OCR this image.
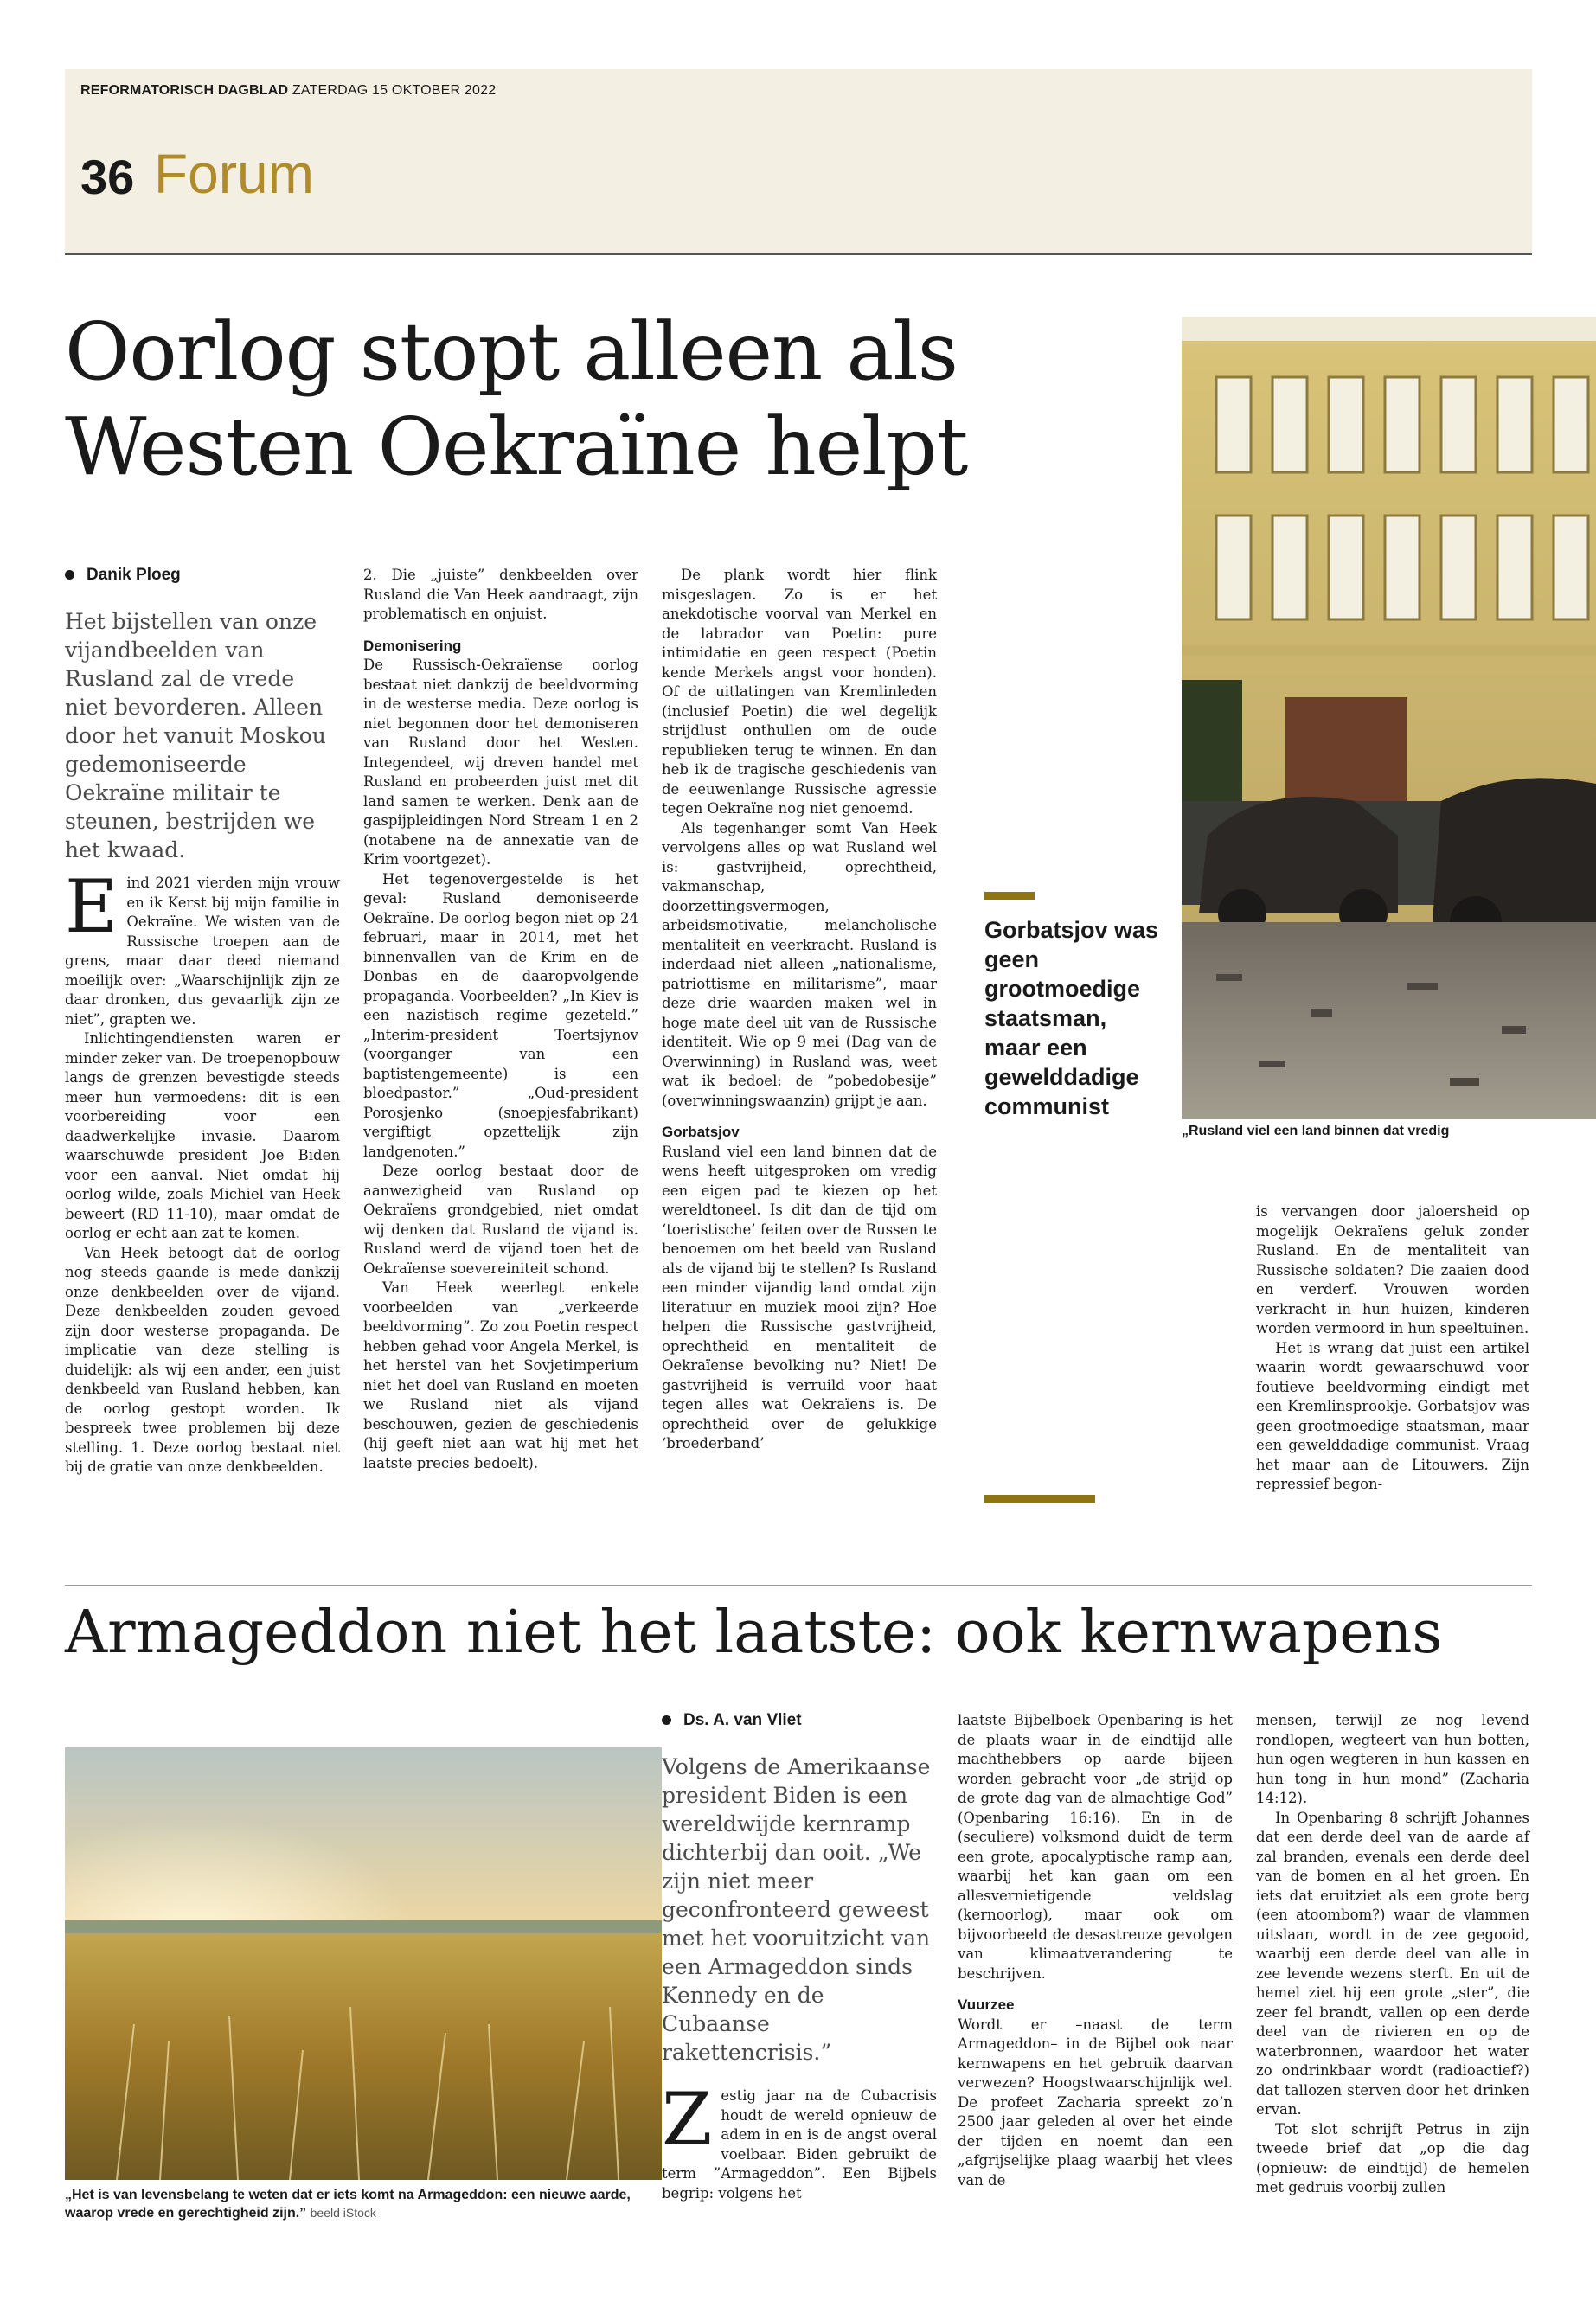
REFORMATORISCH DAGBLAD ZATERDAG 15 OKTOBER 2022
36 Forum
Oorlog stopt alleen als
Westen Oekraïne helpt
Danik Ploeg
Het bijstellen van onze vijandbeelden van Rusland zal de vrede niet bevorderen. Alleen door het vanuit Moskou gedemoniseerde Oekraïne militair te steunen, bestrijden we het kwaad.
E ind 2021 vierden mijn vrouw en ik Kerst bij mijn familie in Oekraïne. We wisten van de Russische troepen aan de grens, maar daar deed niemand moeilijk over: „Waarschijnlijk zijn ze daar dronken, dus gevaarlijk zijn ze niet”, grapten we.

Inlichtingendiensten waren er minder zeker van. De troepenopbouw langs de grenzen bevestigde steeds meer hun vermoedens: dit is een voorbereiding voor een daadwerkelijke invasie. Daarom waarschuwde president Joe Biden voor een aanval. Niet omdat hij oorlog wilde, zoals Michiel van Heek beweert (RD 11-10), maar omdat de oorlog er echt aan zat te komen.

Van Heek betoogt dat de oorlog nog steeds gaande is mede dankzij onze denkbeelden over de vijand. Deze denkbeelden zouden gevoed zijn door westerse propaganda. De implicatie van deze stelling is duidelijk: als wij een ander, een juist denkbeeld van Rusland hebben, kan de oorlog gestopt worden. Ik bespreek twee problemen bij deze stelling. 1. Deze oorlog bestaat niet bij de gratie van onze denkbeelden.

2. Die „juiste” denkbeelden over Rusland die Van Heek aandraagt, zijn problematisch en onjuist.

Demonisering

De Russisch-Oekraïense oorlog bestaat niet dankzij de beeldvorming in de westerse media. Deze oorlog is niet begonnen door het demoniseren van Rusland door het Westen. Integendeel, wij dreven handel met Rusland en probeerden juist met dit land samen te werken. Denk aan de gaspijpleidingen Nord Stream 1 en 2 (notabene na de annexatie van de Krim voortgezet).

Het tegenovergestelde is het geval: Rusland demoniseerde Oekraïne. De oorlog begon niet op 24 februari, maar in 2014, met het binnenvallen van de Krim en de Donbas en de daaropvolgende propaganda. Voorbeelden? „In Kiev is een nazistisch regime gezeteld.” „Interim-president Toertsjynov (voorganger van een baptistengemeente) is een bloedpastor.” „Oud-president Porosjenko (snoepjesfabrikant) vergiftigt opzettelijk zijn landgenoten.”

Deze oorlog bestaat door de aanwezigheid van Rusland op Oekraïens grondgebied, niet omdat wij denken dat Rusland de vijand is. Rusland werd de vijand toen het de Oekraïense soevereiniteit schond.

Van Heek weerlegt enkele voorbeelden van „verkeerde beeldvorming”. Zo zou Poetin respect hebben gehad voor Angela Merkel, is het herstel van het Sovjetimperium niet het doel van Rusland en moeten we Rusland niet als vijand beschouwen, gezien de geschiedenis (hij geeft niet aan wat hij met het laatste precies bedoelt).

De plank wordt hier flink misgeslagen. Zo is er het anekdotische voorval van Merkel en de labrador van Poetin: pure intimidatie en geen respect (Poetin kende Merkels angst voor honden). Of de uitlatingen van Kremlinleden (inclusief Poetin) die wel degelijk strijdlust onthullen om de oude republieken terug te winnen. En dan heb ik de tragische geschiedenis van de eeuwenlange Russische agressie tegen Oekraïne nog niet genoemd.

Als tegenhanger somt Van Heek vervolgens alles op wat Rusland wel is: gastvrijheid, oprechtheid, vakmanschap, doorzettingsvermogen, arbeidsmotivatie, melancholische mentaliteit en veerkracht. Rusland is inderdaad niet alleen „nationalisme, patriottisme en militarisme”, maar deze drie waarden maken wel in hoge mate deel uit van de Russische identiteit. Wie op 9 mei (Dag van de Overwinning) in Rusland was, weet wat ik bedoel: de ”pobedobesije” (overwinningswaanzin) grijpt je aan.

Gorbatsjov

Rusland viel een land binnen dat de wens heeft uitgesproken om vredig een eigen pad te kiezen op het wereldtoneel. Is dit dan de tijd om ‘toeristische’ feiten over de Russen te benoemen om het beeld van Rusland als de vijand bij te stellen? Is Rusland een minder vijandig land omdat zijn literatuur en muziek mooi zijn? Hoe helpen die Russische gastvrijheid, oprechtheid en mentaliteit de Oekraïense bevolking nu? Niet! De gastvrijheid is verruild voor haat tegen alles wat Oekraïens is. De oprechtheid over de gelukkige ‘broederband’

Gorbatsjov was geen grootmoedige staatsman, maar een gewelddadige communist
„Rusland viel een land binnen dat vredig

is vervangen door jaloersheid op mogelijk Oekraïens geluk zonder Rusland. En de mentaliteit van Russische soldaten? Die zaaien dood en verderf. Vrouwen worden verkracht in hun huizen, kinderen worden vermoord in hun speeltuinen.

Het is wrang dat juist een artikel waarin wordt gewaarschuwd voor foutieve beeldvorming eindigt met een Kremlinsprookje. Gorbatsjov was geen grootmoedige staatsman, maar een gewelddadige communist. Vraag het maar aan de Litouwers. Zijn repressief begon-

Armageddon niet het laatste: ook kernwapens
„Het is van levensbelang te weten dat er iets komt na Armageddon: een nieuwe aarde, waarop vrede en gerechtigheid zijn.” beeld iStock
Ds. A. van Vliet
Volgens de Amerikaanse president Biden is een wereldwijde kernramp dichterbij dan ooit. „We zijn niet meer geconfronteerd geweest met het vooruitzicht van een Armageddon sinds Kennedy en de Cubaanse rakettencrisis.”
Z estig jaar na de Cubacrisis houdt de wereld opnieuw de adem in en is de angst overal voelbaar. Biden gebruikt de term ”Armageddon”. Een Bijbels begrip: volgens het

laatste Bijbelboek Openbaring is het de plaats waar in de eindtijd alle machthebbers op aarde bijeen worden gebracht voor „de strijd op de grote dag van de almachtige God” (Openbaring 16:16). En in de (seculiere) volksmond duidt de term een grote, apocalyptische ramp aan, waarbij het kan gaan om een allesvernietigende veldslag (kernoorlog), maar ook om bijvoorbeeld de desastreuze gevolgen van klimaatverandering te beschrijven.

Vuurzee

Wordt er –naast de term Armageddon– in de Bijbel ook naar kernwapens en het gebruik daarvan verwezen? Hoogstwaarschijnlijk wel. De profeet Zacharia spreekt zo’n 2500 jaar geleden al over het einde der tijden en noemt dan een „afgrijselijke plaag waarbij het vlees van de

mensen, terwijl ze nog levend rondlopen, wegteert van hun botten, hun ogen wegteren in hun kassen en hun tong in hun mond” (Zacharia 14:12).

In Openbaring 8 schrijft Johannes dat een derde deel van de aarde af zal branden, evenals een derde deel van de bomen en al het groen. En iets dat eruitziet als een grote berg (een atoombom?) waar de vlammen uitslaan, wordt in de zee gegooid, waarbij een derde deel van alle in zee levende wezens sterft. En uit de hemel ziet hij een grote „ster”, die zeer fel brandt, vallen op een derde deel van de rivieren en op de waterbronnen, waardoor het water zo ondrinkbaar wordt (radioactief?) dat tallozen sterven door het drinken ervan.

Tot slot schrijft Petrus in zijn tweede brief dat „op die dag (opnieuw: de eindtijd) de hemelen met gedruis voorbij zullen
